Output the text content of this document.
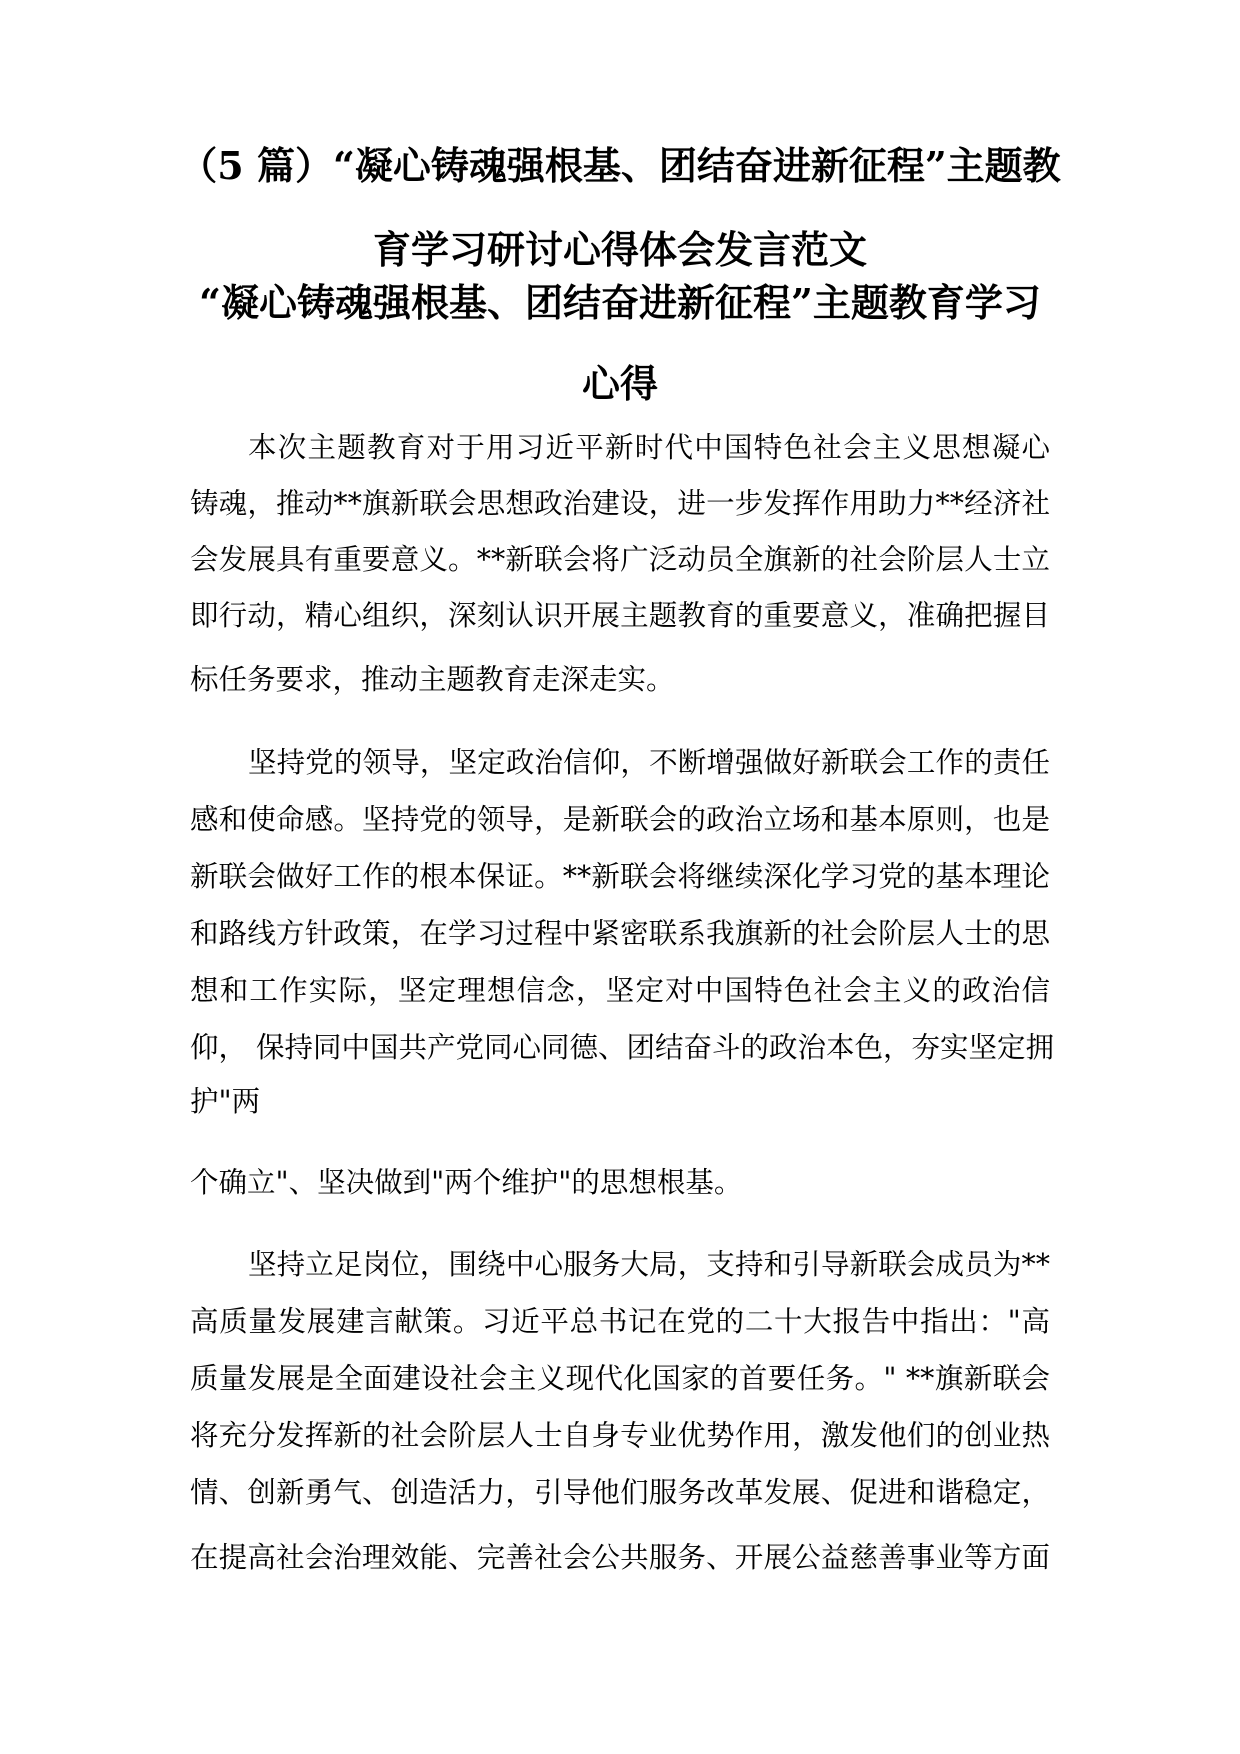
（5 篇）“凝心铸魂强根基、团结奋进新征程”主题教
育学习研讨心得体会发言范文
“凝心铸魂强根基、团结奋进新征程”主题教育学习
心得
本次主题教育对于用习近平新时代中国特色社会主义思想凝心
铸魂，推动**旗新联会思想政治建设，进一步发挥作用助力**经济社
会发展具有重要意义。**新联会将广泛动员全旗新的社会阶层人士立
即行动，精心组织，深刻认识开展主题教育的重要意义，准确把握目
标任务要求，推动主题教育走深走实。
坚持党的领导，坚定政治信仰，不断增强做好新联会工作的责任
感和使命感。坚持党的领导，是新联会的政治立场和基本原则，也是
新联会做好工作的根本保证。**新联会将继续深化学习党的基本理论
和路线方针政策，在学习过程中紧密联系我旗新的社会阶层人士的思
想和工作实际，坚定理想信念，坚定对中国特色社会主义的政治信
仰， 保持同中国共产党同心同德、团结奋斗的政治本色，夯实坚定拥
护"两
个确立"、坚决做到"两个维护"的思想根基。
坚持立足岗位，围绕中心服务大局，支持和引导新联会成员为**
高质量发展建言献策。习近平总书记在党的二十大报告中指出："高
质量发展是全面建设社会主义现代化国家的首要任务。" **旗新联会
将充分发挥新的社会阶层人士自身专业优势作用，激发他们的创业热
情、创新勇气、创造活力，引导他们服务改革发展、促进和谐稳定，
在提高社会治理效能、完善社会公共服务、开展公益慈善事业等方面
